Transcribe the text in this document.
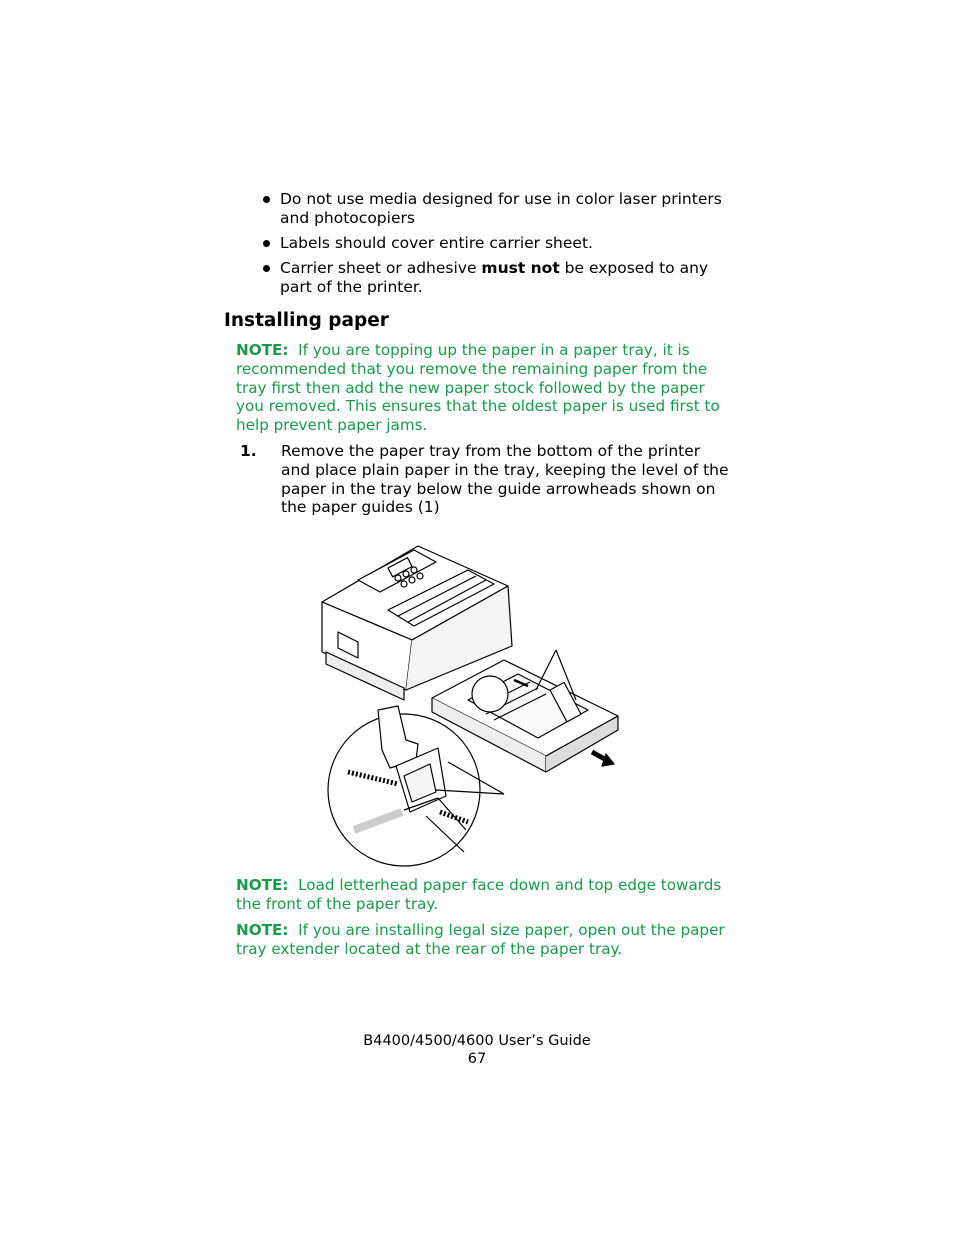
Do not use media designed for use in color laser printers and photocopiers
Labels should cover entire carrier sheet.
Carrier sheet or adhesive must not be exposed to any part of the printer.
Installing paper

NOTE: If you are topping up the paper in a paper tray, it is recommended that you remove the remaining paper from the tray first then add the new paper stock followed by the paper you removed. This ensures that the oldest paper is used first to help prevent paper jams.

1. Remove the paper tray from the bottom of the printer and place plain paper in the tray, keeping the level of the paper in the tray below the guide arrowheads shown on the paper guides (1)

NOTE: Load letterhead paper face down and top edge towards the front of the paper tray.

NOTE: If you are installing legal size paper, open out the paper tray extender located at the rear of the paper tray.

B4400/4500/4600 User’s Guide
67
